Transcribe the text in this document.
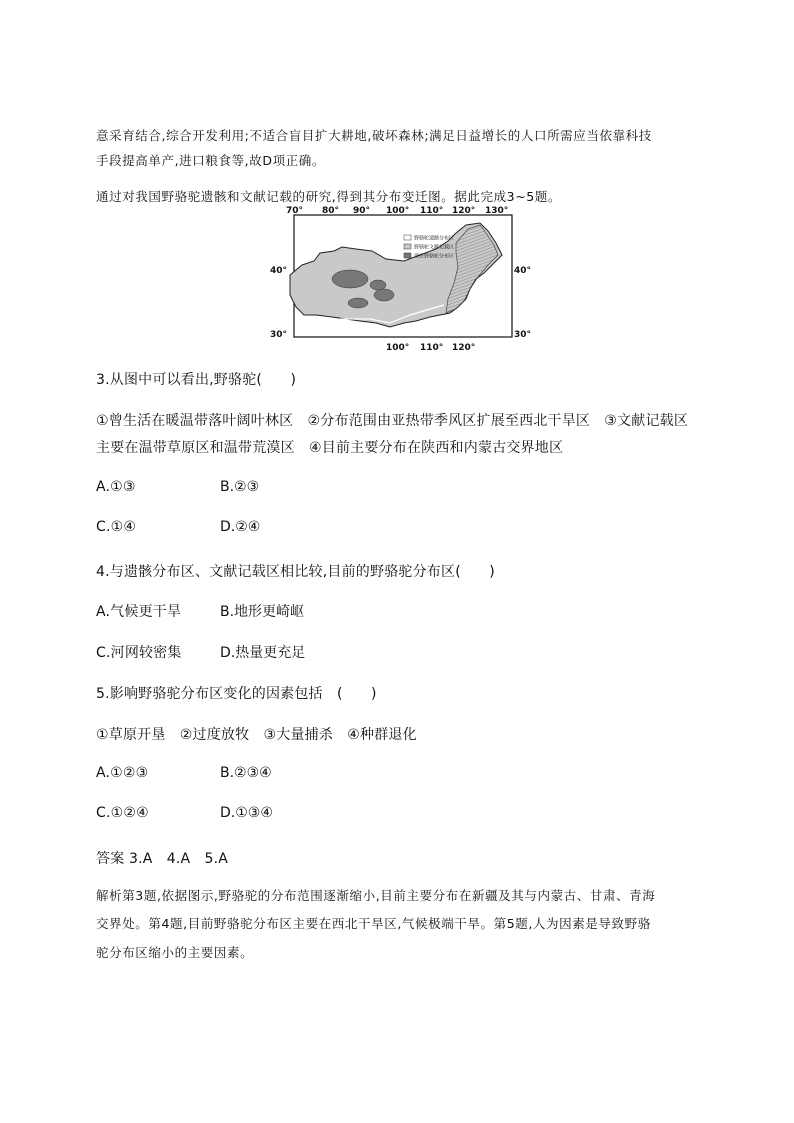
意采育结合,综合开发利用;不适合盲目扩大耕地,破坏森林;满足日益增长的人口所需应当依靠科技
手段提高单产,进口粮食等,故D项正确。
通过对我国野骆驼遗骸和文献记载的研究,得到其分布变迁图。据此完成3~5题。
70° 80° 90° 100° 110° 120° 130°
100° 110° 120°
40°
30°
40°
30°
野骆驼遗骸分布区
野骆驼文献记载区
现在野骆驼分布区
3.从图中可以看出,野骆驼(　　)
①曾生活在暖温带落叶阔叶林区　②分布范围由亚热带季风区扩展至西北干旱区　③文献记载区
主要在温带草原区和温带荒漠区　④目前主要分布在陕西和内蒙古交界地区
A.①③	B.②③
C.①④	D.②④
4.与遗骸分布区、文献记载区相比较,目前的野骆驼分布区(　　)
A.气候更干旱	B.地形更崎岖
C.河网较密集	D.热量更充足
5.影响野骆驼分布区变化的因素包括　(　　)
①草原开垦　②过度放牧　③大量捕杀　④种群退化
A.①②③	B.②③④
C.①②④	D.①③④
答案 3.A　4.A　5.A
解析第3题,依据图示,野骆驼的分布范围逐渐缩小,目前主要分布在新疆及其与内蒙古、甘肃、青海
交界处。第4题,目前野骆驼分布区主要在西北干旱区,气候极端干旱。第5题,人为因素是导致野骆
驼分布区缩小的主要因素。
